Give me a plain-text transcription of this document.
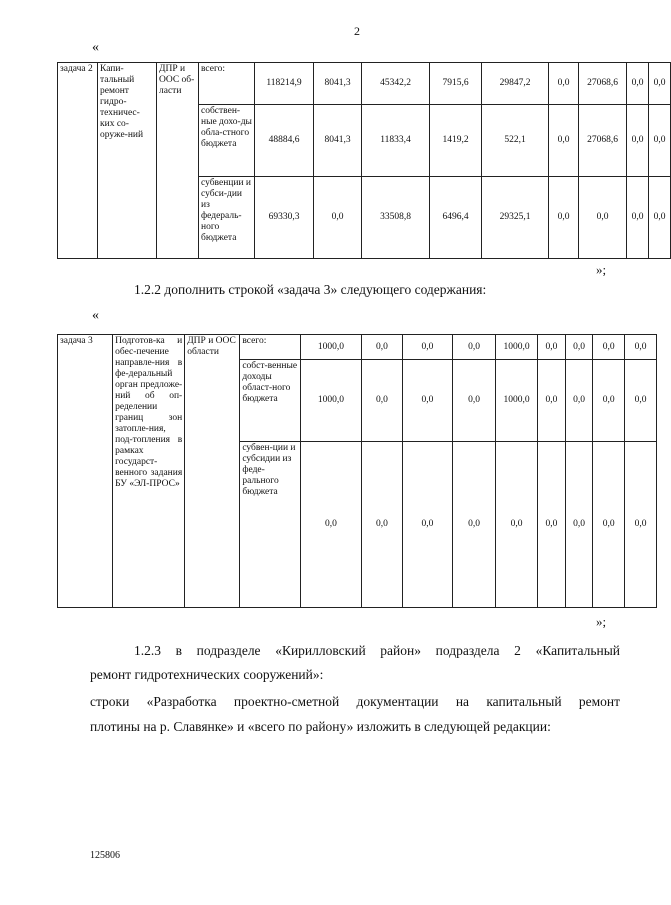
2
«
задача 2	Капи-тальный ремонт гидро-техничес-ких со-оруже-ний	ДПР и ООС об-ласти	всего:	118214,9	8041,3	45342,2	7915,6	29847,2	0,0	27068,6	0,0	0,0
			собствен-ные дохо-ды обла-стного бюджета	48884,6	8041,3	11833,4	1419,2	522,1	0,0	27068,6	0,0	0,0
			субвенции и субси-дии из федераль-ного бюджета	69330,3	0,0	33508,8	6496,4	29325,1	0,0	0,0	0,0	0,0
»;
1.2.2 дополнить строкой «задача 3» следующего содержания:
«
задача 3	Подготов-ка и обес-печение направле-ния в фе-деральный орган предложе-ний об оп-ределении границ зон затопле-ния, под-топления в рамках государст-венного задания БУ «ЭЛ-ПРОС»	ДПР и ООС области	всего:	1000,0	0,0	0,0	0,0	1000,0	0,0	0,0	0,0	0,0
			собст-венные доходы област-ного бюджета	1000,0	0,0	0,0	0,0	1000,0	0,0	0,0	0,0	0,0
			субвен-ции и субсидии из феде-рального бюджета	0,0	0,0	0,0	0,0	0,0	0,0	0,0	0,0	0,0
»;
1.2.3 в подразделе «Кирилловский район» подраздела 2 «Капитальный
ремонт гидротехнических сооружений»:
строки «Разработка проектно-сметной документации на капитальный ремонт
плотины на р. Славянке» и «всего по району» изложить в следующей редакции:
125806
